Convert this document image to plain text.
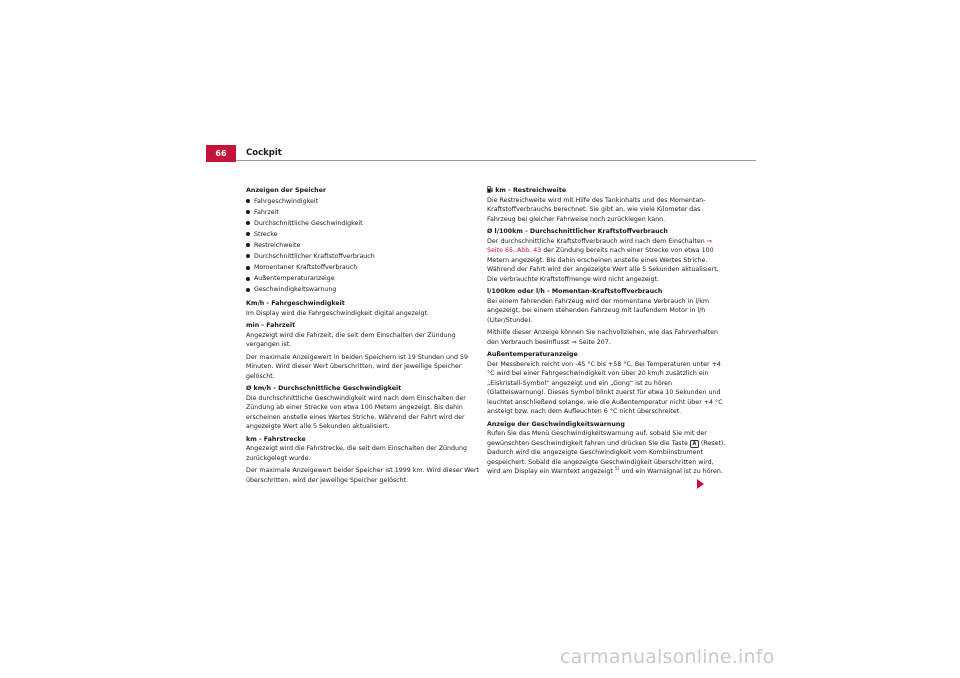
66	Cockpit
Anzeigen der Speicher
Fahrgeschwindigkeit
Fahrzeit
Durchschnittliche Geschwindigkeit
Strecke
Restreichweite
Durchschnittlicher Kraftstoffverbrauch
Momentaner Kraftstoffverbrauch
Außentemperaturanzeige
Geschwindigkeitswarnung
Km/h - Fahrgeschwindigkeit

Im Display wird die Fahrgeschwindigkeit digital angezeigt.

min - Fahrzeit

Angezeigt wird die Fahrzeit, die seit dem Einschalten der Zündung vergangen ist.

Der maximale Anzeigewert in beiden Speichern ist 19 Stunden und 59 Minuten. Wird dieser Wert überschritten, wird der jeweilige Speicher gelöscht.

Ø km/h - Durchschnittliche Geschwindigkeit

Die durchschnittliche Geschwindigkeit wird nach dem Einschalten der Zündung ab einer Strecke von etwa 100 Metern angezeigt. Bis dahin erscheinen anstelle eines Wertes Striche. Während der Fahrt wird der angezeigte Wert alle 5 Sekunden aktualisiert.

km - Fahrstrecke

Angezeigt wird die Fahrstrecke, die seit dem Einschalten der Zündung zurückgelegt wurde.

Der maximale Anzeigewert beider Speicher ist 1999 km. Wird dieser Wert überschritten, wird der jeweilige Speicher gelöscht.

km - Restreichweite

Die Restreichweite wird mit Hilfe des Tankinhalts und des Momentan-Kraftstoffverbrauchs berechnet. Sie gibt an, wie viele Kilometer das Fahrzeug bei gleicher Fahrweise noch zurücklegen kann.

Ø l/100km - Durchschnittlicher Kraftstoffverbrauch

Der durchschnittliche Kraftstoffverbrauch wird nach dem Einschalten ⇒ Seite 65, Abb. 43 der Zündung bereits nach einer Strecke von etwa 100 Metern angezeigt. Bis dahin erscheinen anstelle eines Wertes Striche. Während der Fahrt wird der angezeigte Wert alle 5 Sekunden aktualisiert. Die verbrauchte Kraftstoffmenge wird nicht angezeigt.

l/100km oder l/h - Momentan-Kraftstoffverbrauch

Bei einem fahrenden Fahrzeug wird der momentane Verbrauch in l/km angezeigt, bei einem stehenden Fahrzeug mit laufendem Motor in l/h (Liter/Stunde).

Mithilfe dieser Anzeige können Sie nachvollziehen, wie das Fahrverhalten den Verbrauch beeinflusst ⇒ Seite 207.

Außentemperaturanzeige

Der Messbereich reicht von -45 °C bis +58 °C. Bei Temperaturen unter +4 °C wird bei einer Fahrgeschwindigkeit von über 20 km/h zusätzlich ein „Eiskristall-Symbol“ angezeigt und ein „Gong“ ist zu hören (Glatteiswarnung). Dieses Symbol blinkt zuerst für etwa 10 Sekunden und leuchtet anschließend solange, wie die Außentemperatur nicht über +4 °C ansteigt bzw. nach dem Aufleuchten 6 °C nicht überschreitet.

Anzeige der Geschwindigkeitswarnung

Rufen Sie das Menü Geschwindigkeitswarnung auf, sobald Sie mit der gewünschten Geschwindigkeit fahren und drücken Sie die Taste A (Reset). Dadurch wird die angezeigte Geschwindigkeit vom Kombiinstrument gespeichert. Sobald die angezeigte Geschwindigkeit überschritten wird, wird am Display ein Warntext angezeigt $^{5)}$ und ein Warnsignal ist zu hören.

carmanualsonline.info
